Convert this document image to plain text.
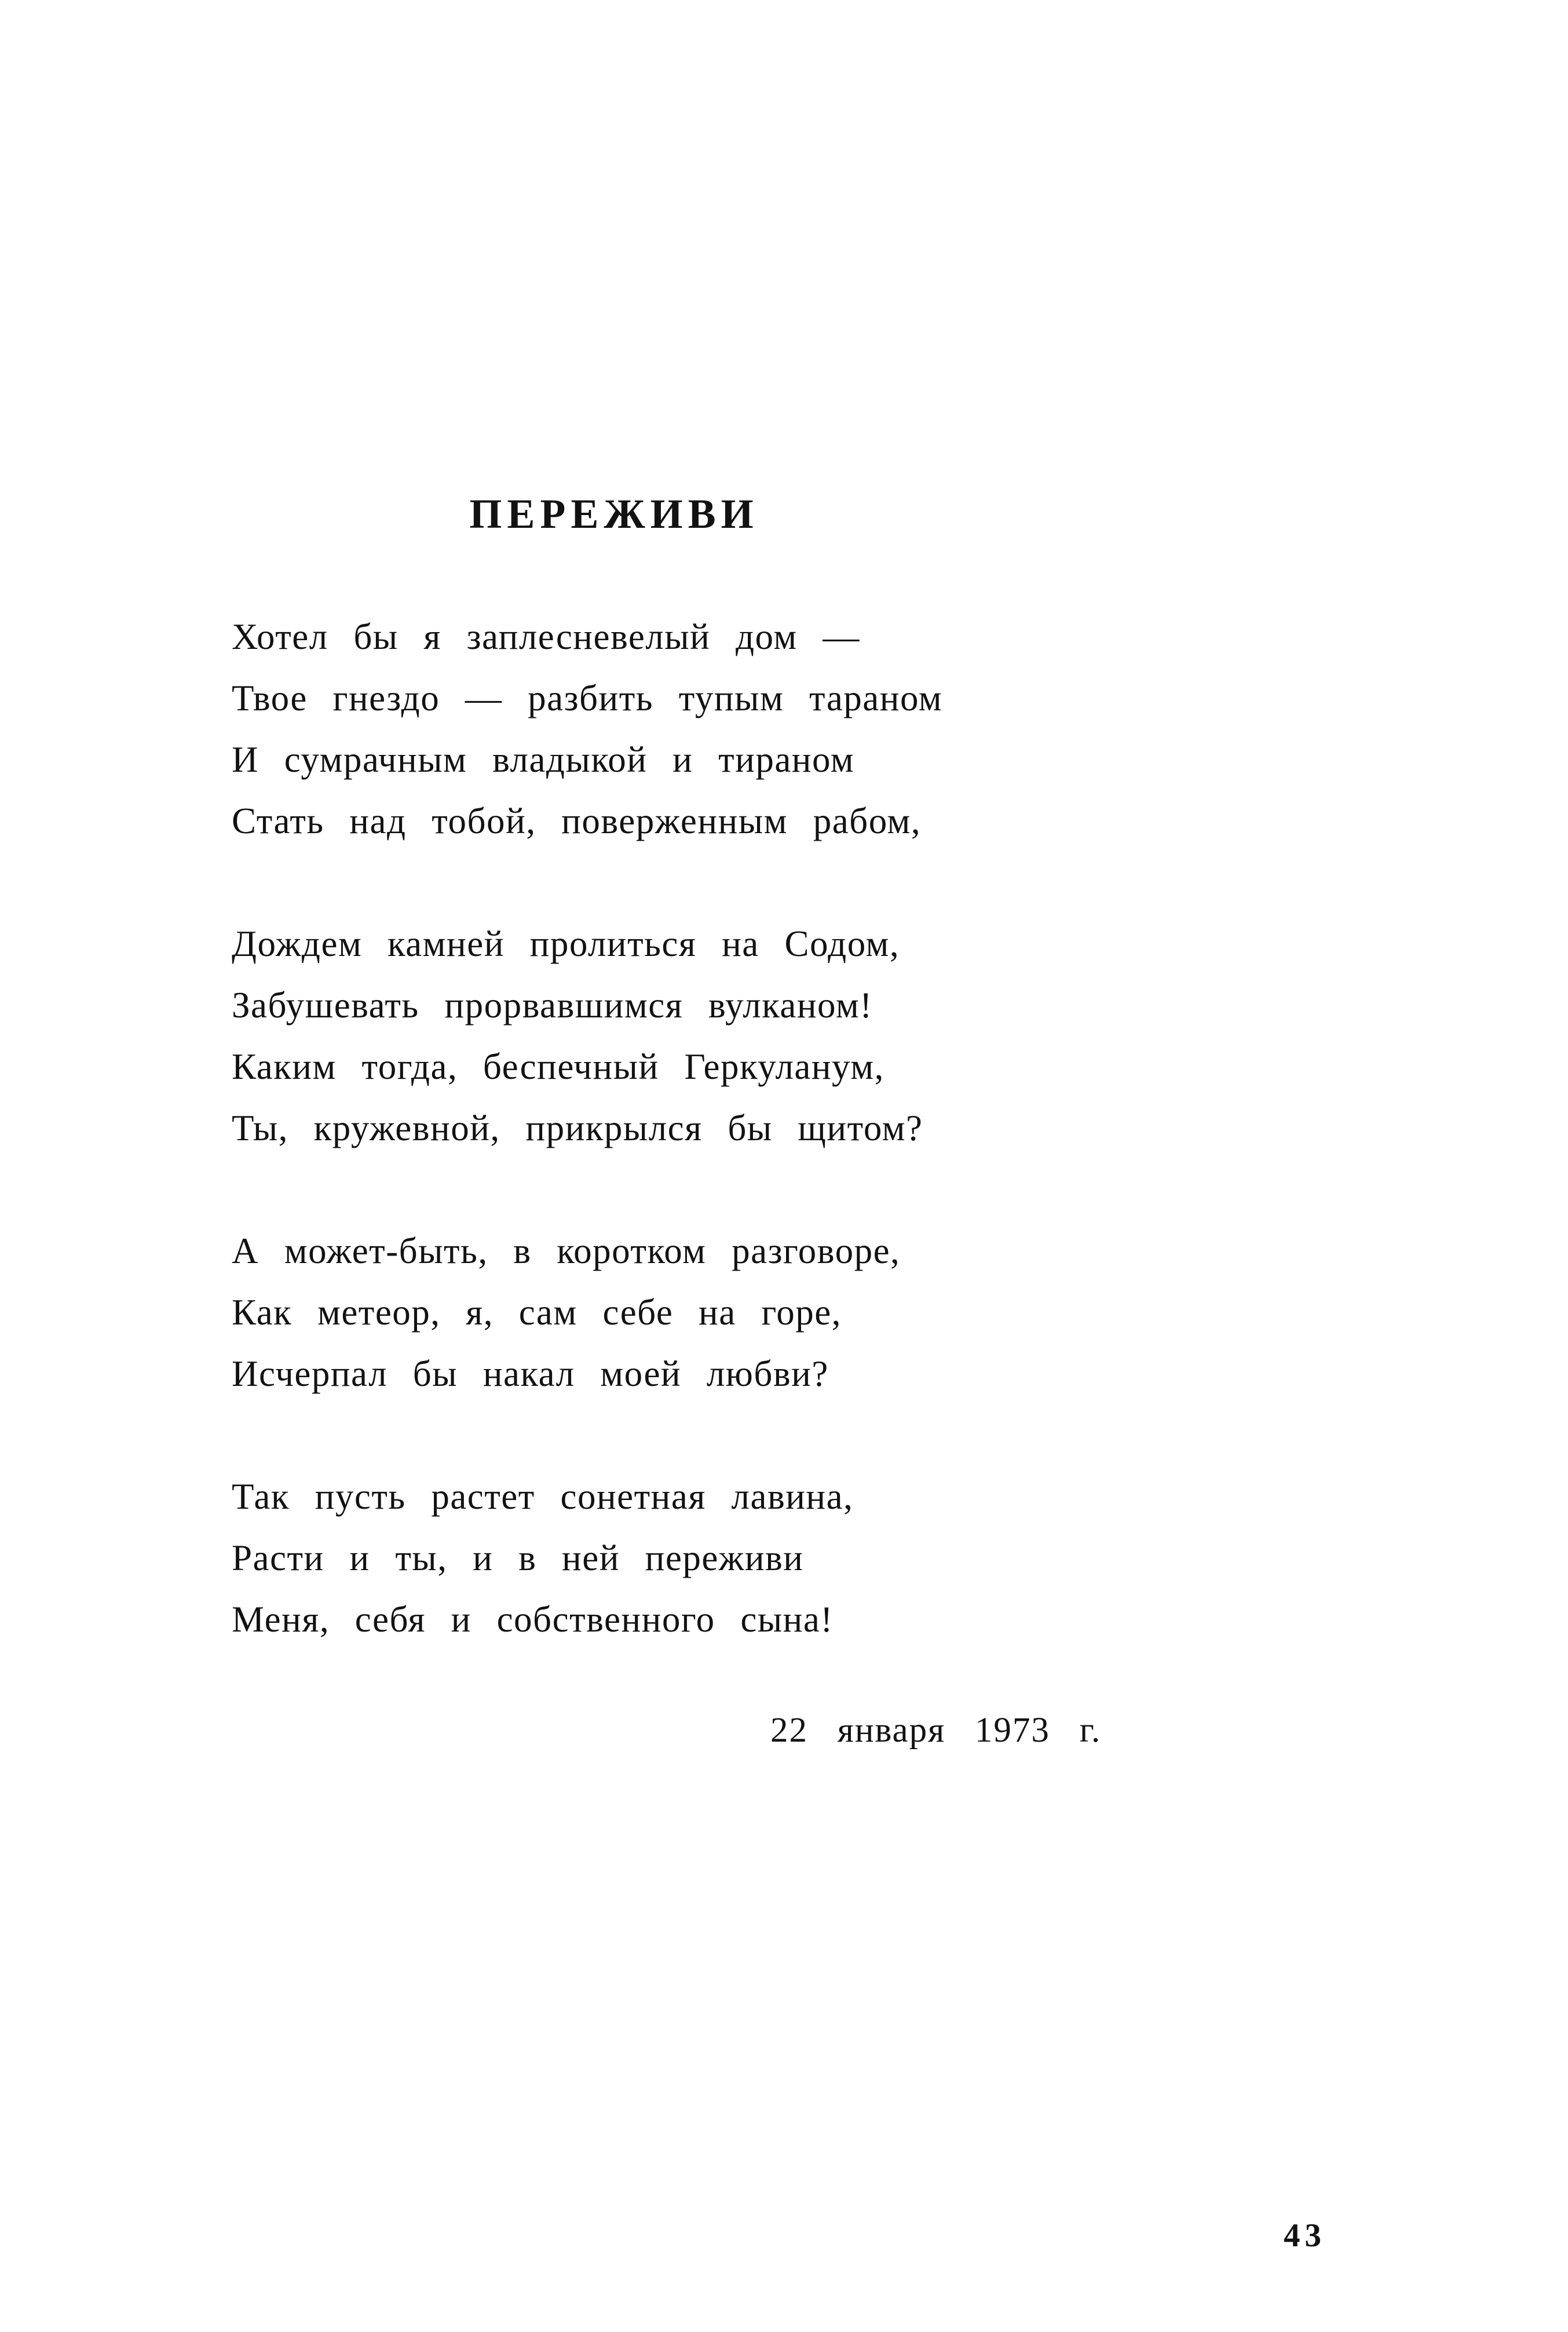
ПЕРЕЖИВИ
Хотел бы я заплесневелый дом —
Твое гнездо — разбить тупым тараном
И сумрачным владыкой и тираном
Стать над тобой, поверженным рабом,
Дождем камней пролиться на Содом,
Забушевать прорвавшимся вулканом!
Каким тогда, беспечный Геркуланум,
Ты, кружевной, прикрылся бы щитом?
А может-быть, в коротком разговоре,
Как метеор, я, сам себе на горе,
Исчерпал бы накал моей любви?
Так пусть растет сонетная лавина,
Расти и ты, и в ней переживи
Меня, себя и собственного сына!
22 января 1973 г.
43
